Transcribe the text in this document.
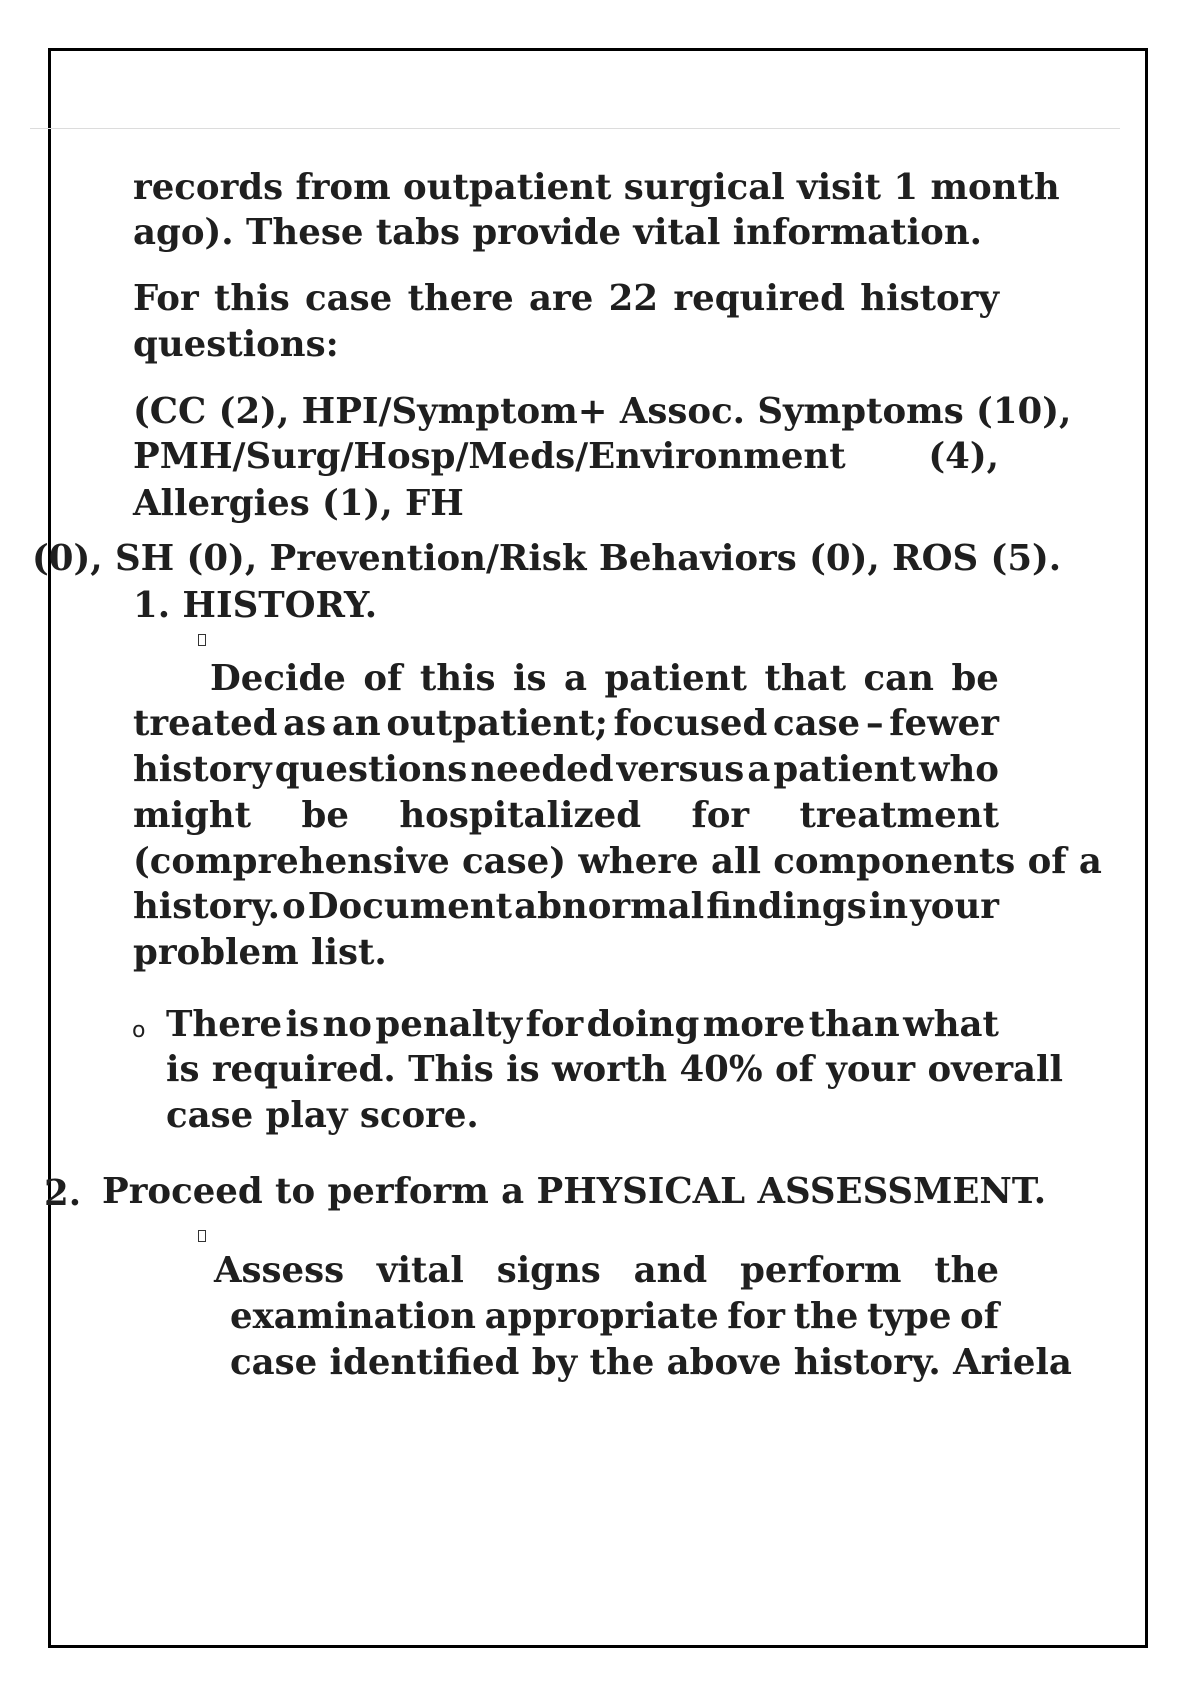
records from outpatient surgical visit 1 month
ago). These tabs provide vital information.
For this case there are 22 required history
questions:
(CC (2), HPI/Symptom+ Assoc. Symptoms (10),
PMH/Surg/Hosp/Meds/Environment (4),
Allergies (1), FH
(0), SH (0), Prevention/Risk Behaviors (0), ROS (5).
1. HISTORY.
Decide of this is a patient that can be
treated as an outpatient; focused case – fewer
history questions needed versus a patient who
might be hospitalized for treatment
(comprehensive case) where all components of a
history. o Document abnormal findings in your
problem list.
o There is no penalty for doing more than what
is required. This is worth 40% of your overall
case play score.
2. Proceed to perform a PHYSICAL ASSESSMENT.
Assess vital signs and perform the
examination appropriate for the type of
case identified by the above history. Ariela
